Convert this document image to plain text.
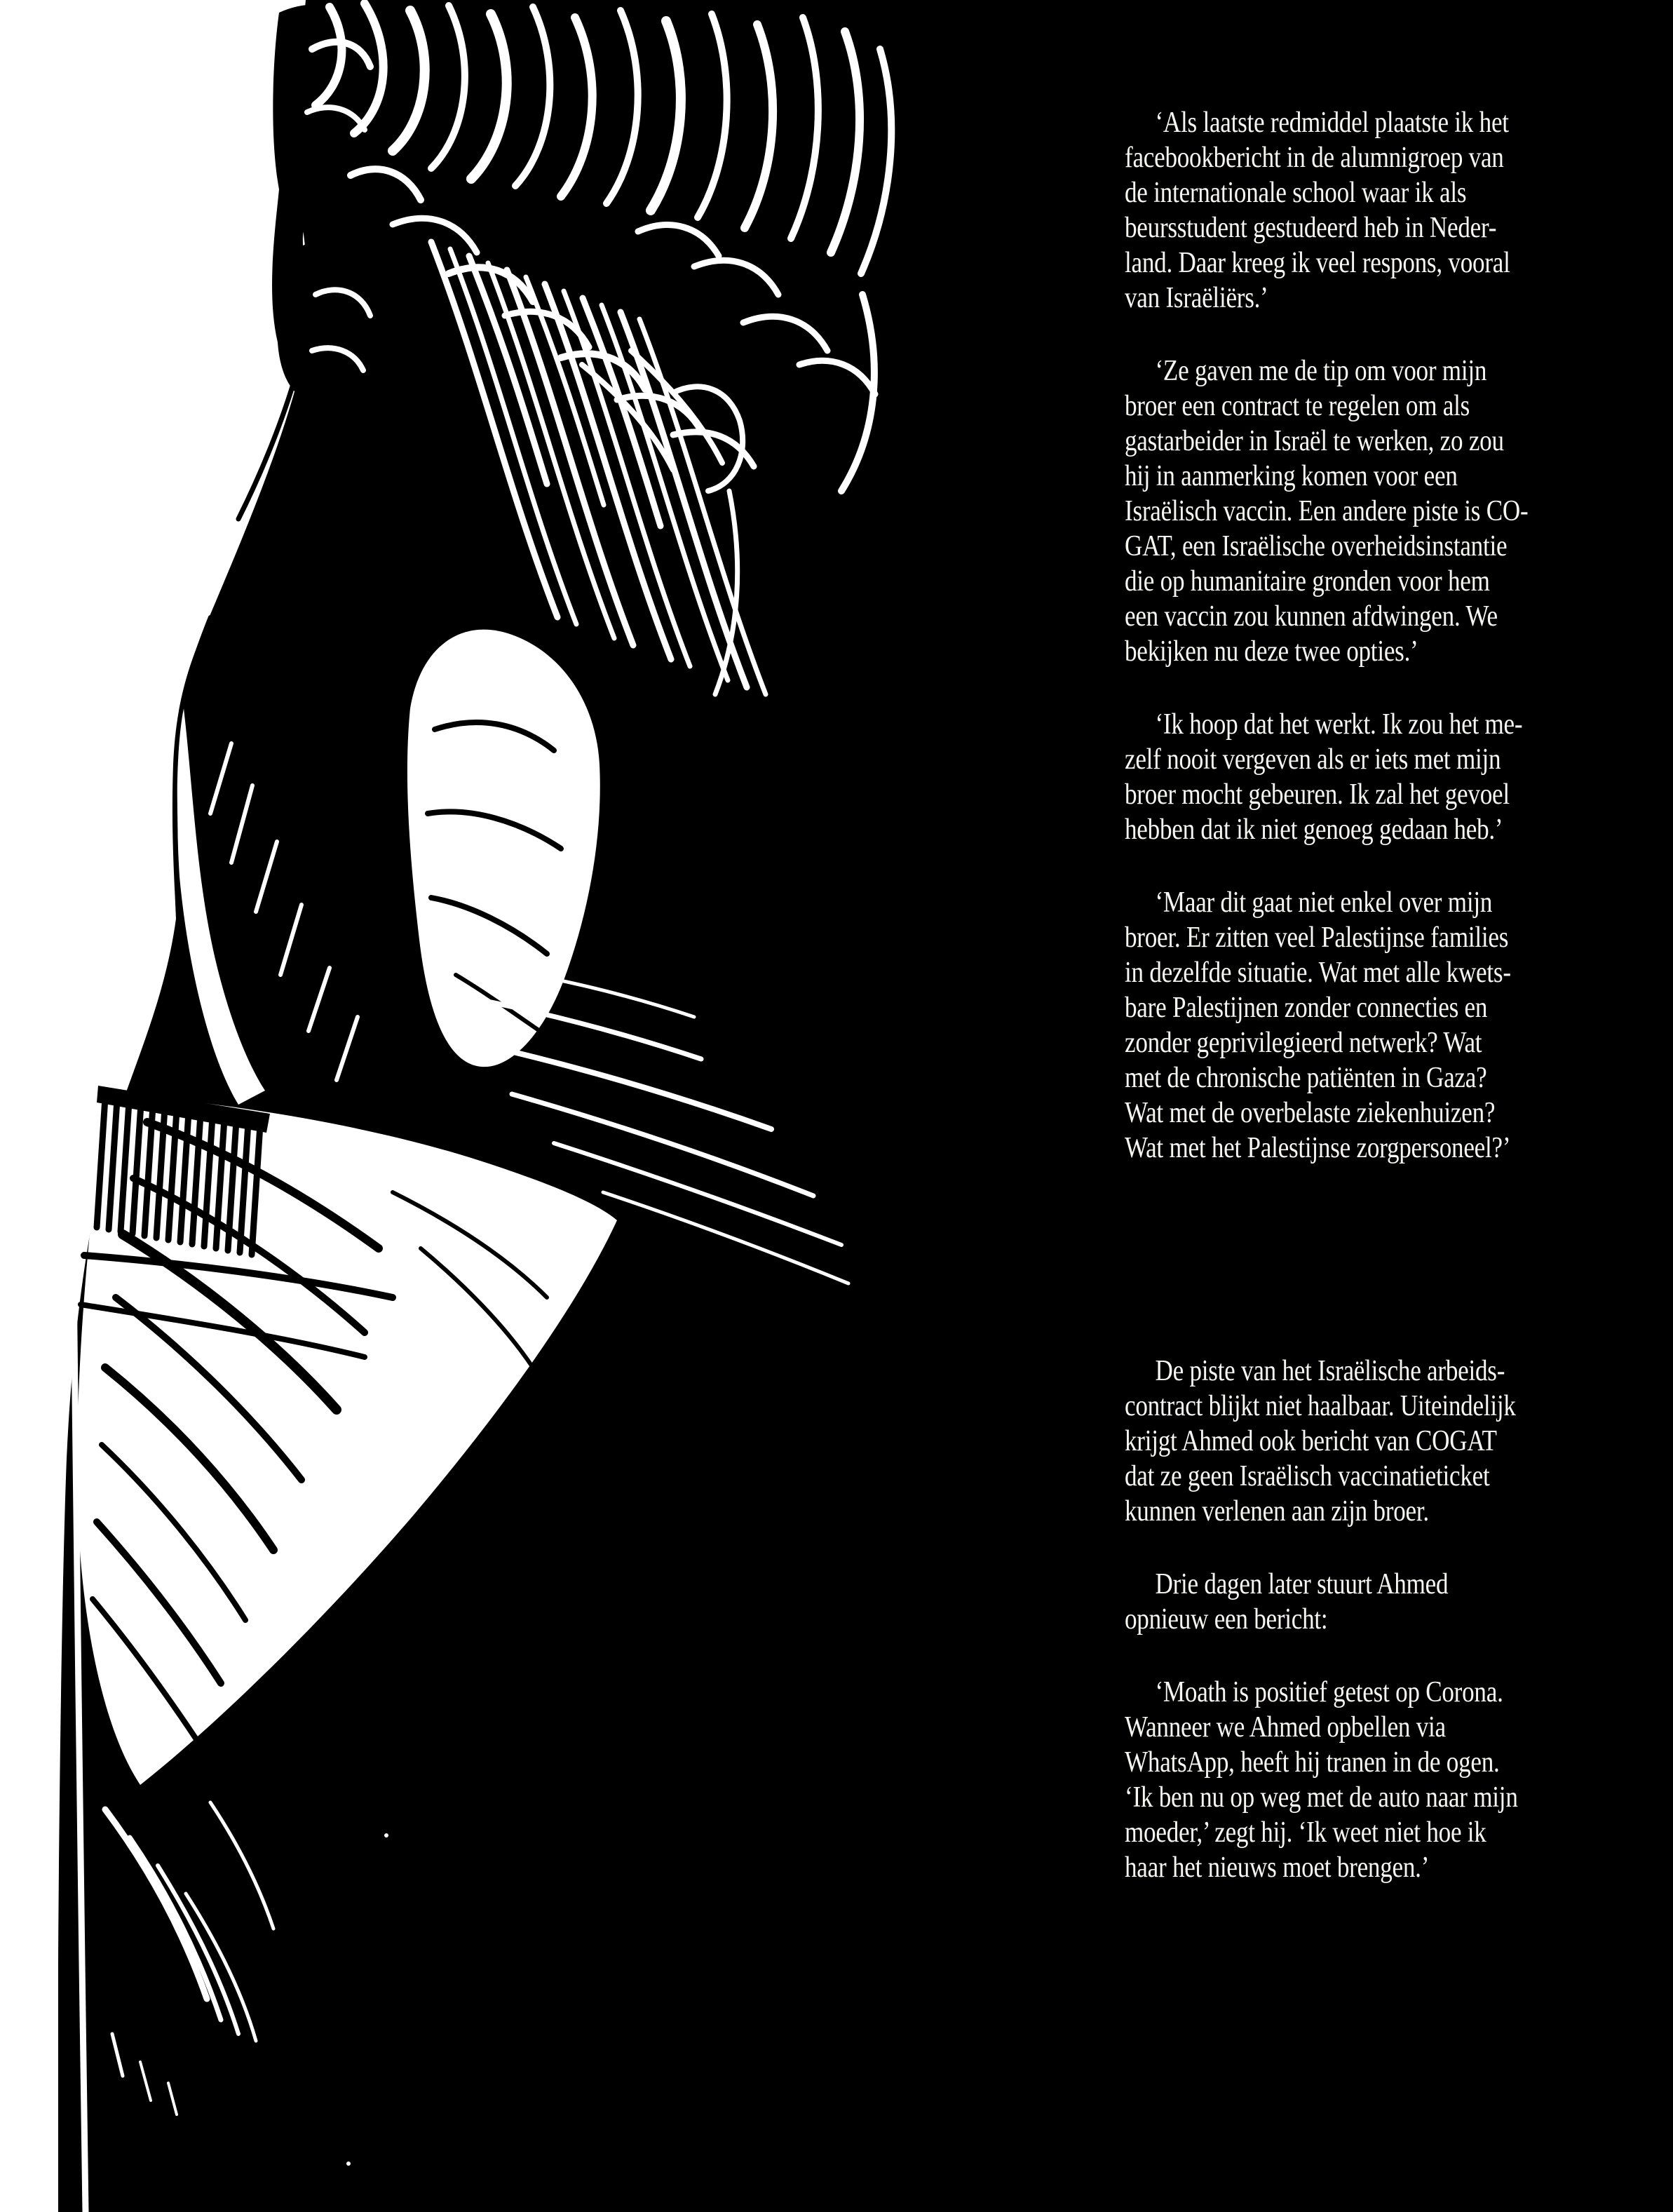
‘Als laatste redmiddel plaatste ik het
facebookbericht in de alumnigroep van
de internationale school waar ik als
beursstudent gestudeerd heb in Neder-
land. Daar kreeg ik veel respons, vooral
van Israëliërs.’
‘Ze gaven me de tip om voor mijn
broer een contract te regelen om als
gastarbeider in Israël te werken, zo zou
hij in aanmerking komen voor een
Israëlisch vaccin. Een andere piste is CO-
GAT, een Israëlische overheidsinstantie
die op humanitaire gronden voor hem
een vaccin zou kunnen afdwingen. We
bekijken nu deze twee opties.’
‘Ik hoop dat het werkt. Ik zou het me-
zelf nooit vergeven als er iets met mijn
broer mocht gebeuren. Ik zal het gevoel
hebben dat ik niet genoeg gedaan heb.’
‘Maar dit gaat niet enkel over mijn
broer. Er zitten veel Palestijnse families
in dezelfde situatie. Wat met alle kwets-
bare Palestijnen zonder connecties en
zonder geprivilegieerd netwerk? Wat
met de chronische patiënten in Gaza?
Wat met de overbelaste ziekenhuizen?
Wat met het Palestijnse zorgpersoneel?’
De piste van het Israëlische arbeids-
contract blijkt niet haalbaar. Uiteindelijk
krijgt Ahmed ook bericht van COGAT
dat ze geen Israëlisch vaccinatieticket
kunnen verlenen aan zijn broer.
Drie dagen later stuurt Ahmed
opnieuw een bericht:
‘Moath is positief getest op Corona.
Wanneer we Ahmed opbellen via
WhatsApp, heeft hij tranen in de ogen.
‘Ik ben nu op weg met de auto naar mijn
moeder,’ zegt hij. ‘Ik weet niet hoe ik
haar het nieuws moet brengen.’
